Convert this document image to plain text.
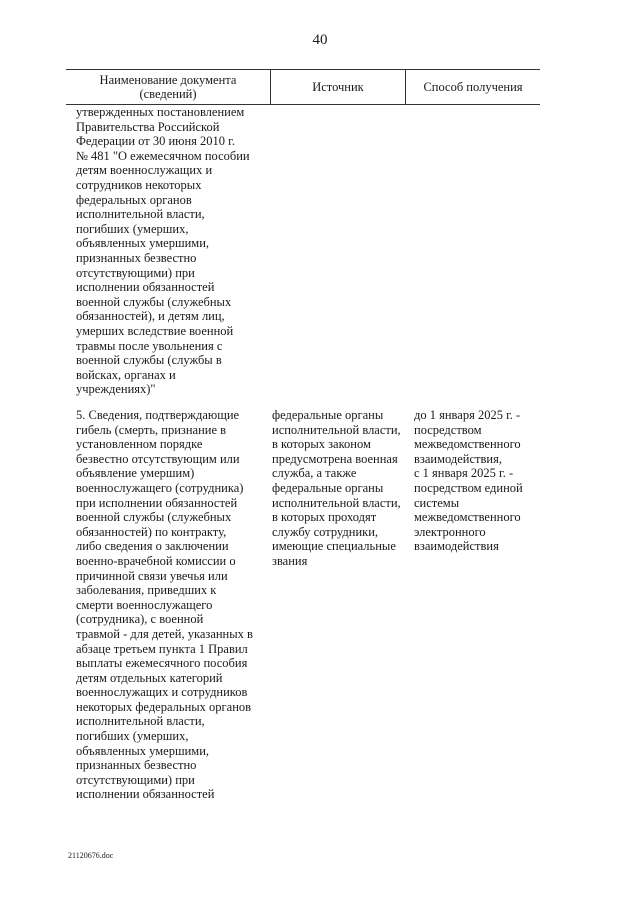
40
Наименование документа
(сведений)	Источник	Способ получения
утвержденных постановлением
Правительства Российской
Федерации от 30 июня 2010 г.
№ 481 "О ежемесячном пособии
детям военнослужащих и
сотрудников некоторых
федеральных органов
исполнительной власти,
погибших (умерших,
объявленных умершими,
признанных безвестно
отсутствующими) при
исполнении обязанностей
военной службы (служебных
обязанностей), и детям лиц,
умерших вследствие военной
травмы после увольнения с
военной службы (службы в
войсках, органах и
учреждениях)"
5. Сведения, подтверждающие
гибель (смерть, признание в
установленном порядке
безвестно отсутствующим или
объявление умершим)
военнослужащего (сотрудника)
при исполнении обязанностей
военной службы (служебных
обязанностей) по контракту,
либо сведения о заключении
военно-врачебной комиссии о
причинной связи увечья или
заболевания, приведших к
смерти военнослужащего
(сотрудника), с военной
травмой - для детей, указанных в
абзаце третьем пункта 1 Правил
выплаты ежемесячного пособия
детям отдельных категорий
военнослужащих и сотрудников
некоторых федеральных органов
исполнительной власти,
погибших (умерших,
объявленных умершими,
признанных безвестно
отсутствующими) при
исполнении обязанностей
федеральные органы
исполнительной власти,
в которых законом
предусмотрена военная
служба, а также
федеральные органы
исполнительной власти,
в которых проходят
службу сотрудники,
имеющие специальные
звания
до 1 января 2025 г. -
посредством
межведомственного
взаимодействия,
с 1 января 2025 г. -
посредством единой
системы
межведомственного
электронного
взаимодействия
21120676.doc
